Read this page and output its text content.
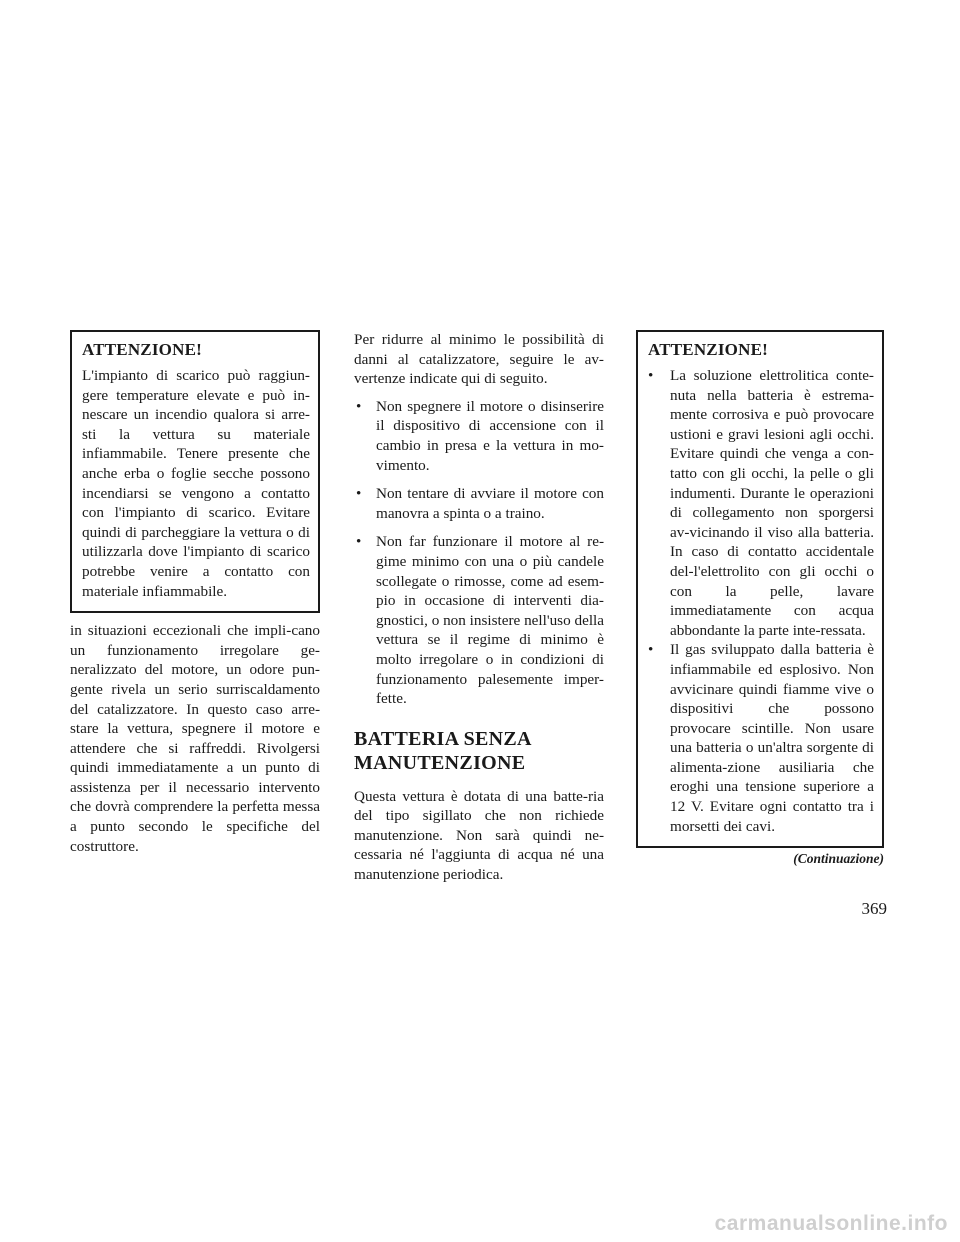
ATTENZIONE!

L'impianto di scarico può raggiun-gere temperature elevate e può in-nescare un incendio qualora si arre-sti la vettura su materiale infiammabile. Tenere presente che anche erba o foglie secche possono incendiarsi se vengono a contatto con l'impianto di scarico. Evitare quindi di parcheggiare la vettura o di utilizzarla dove l'impianto di scarico potrebbe venire a contatto con materiale infiammabile.

in situazioni eccezionali che impli-cano un funzionamento irregolare ge-neralizzato del motore, un odore pun-gente rivela un serio surriscaldamento del catalizzatore. In questo caso arre-stare la vettura, spegnere il motore e attendere che si raffreddi. Rivolgersi quindi immediatamente a un punto di assistenza per il necessario intervento che dovrà comprendere la perfetta messa a punto secondo le specifiche del costruttore.

Per ridurre al minimo le possibilità di danni al catalizzatore, seguire le av-vertenze indicate qui di seguito.

• Non spegnere il motore o disinserire il dispositivo di accensione con il cambio in presa e la vettura in mo-vimento.
• Non tentare di avviare il motore con manovra a spinta o a traino.
• Non far funzionare il motore al re-gime minimo con una o più candele scollegate o rimosse, come ad esem-pio in occasione di interventi dia-gnostici, o non insistere nell'uso della vettura se il regime di minimo è molto irregolare o in condizioni di funzionamento palesemente imper-fette.
BATTERIA SENZA MANUTENZIONE

Questa vettura è dotata di una batte-ria del tipo sigillato che non richiede manutenzione. Non sarà quindi ne-cessaria né l'aggiunta di acqua né una manutenzione periodica.

ATTENZIONE!
• La soluzione elettrolitica conte-nuta nella batteria è estrema-mente corrosiva e può provocare ustioni e gravi lesioni agli occhi. Evitare quindi che venga a con-tatto con gli occhi, la pelle o gli indumenti. Durante le operazioni di collegamento non sporgersi av-vicinando il viso alla batteria. In caso di contatto accidentale del-l'elettrolito con gli occhi o con la pelle, lavare immediatamente con acqua abbondante la parte inte-ressata.
• Il gas sviluppato dalla batteria è infiammabile ed esplosivo. Non avvicinare quindi fiamme vive o dispositivi che possono provocare scintille. Non usare una batteria o un'altra sorgente di alimenta-zione ausiliaria che eroghi una tensione superiore a 12 V. Evitare ogni contatto tra i morsetti dei cavi.
(Continuazione)
369
carmanualsonline.info
